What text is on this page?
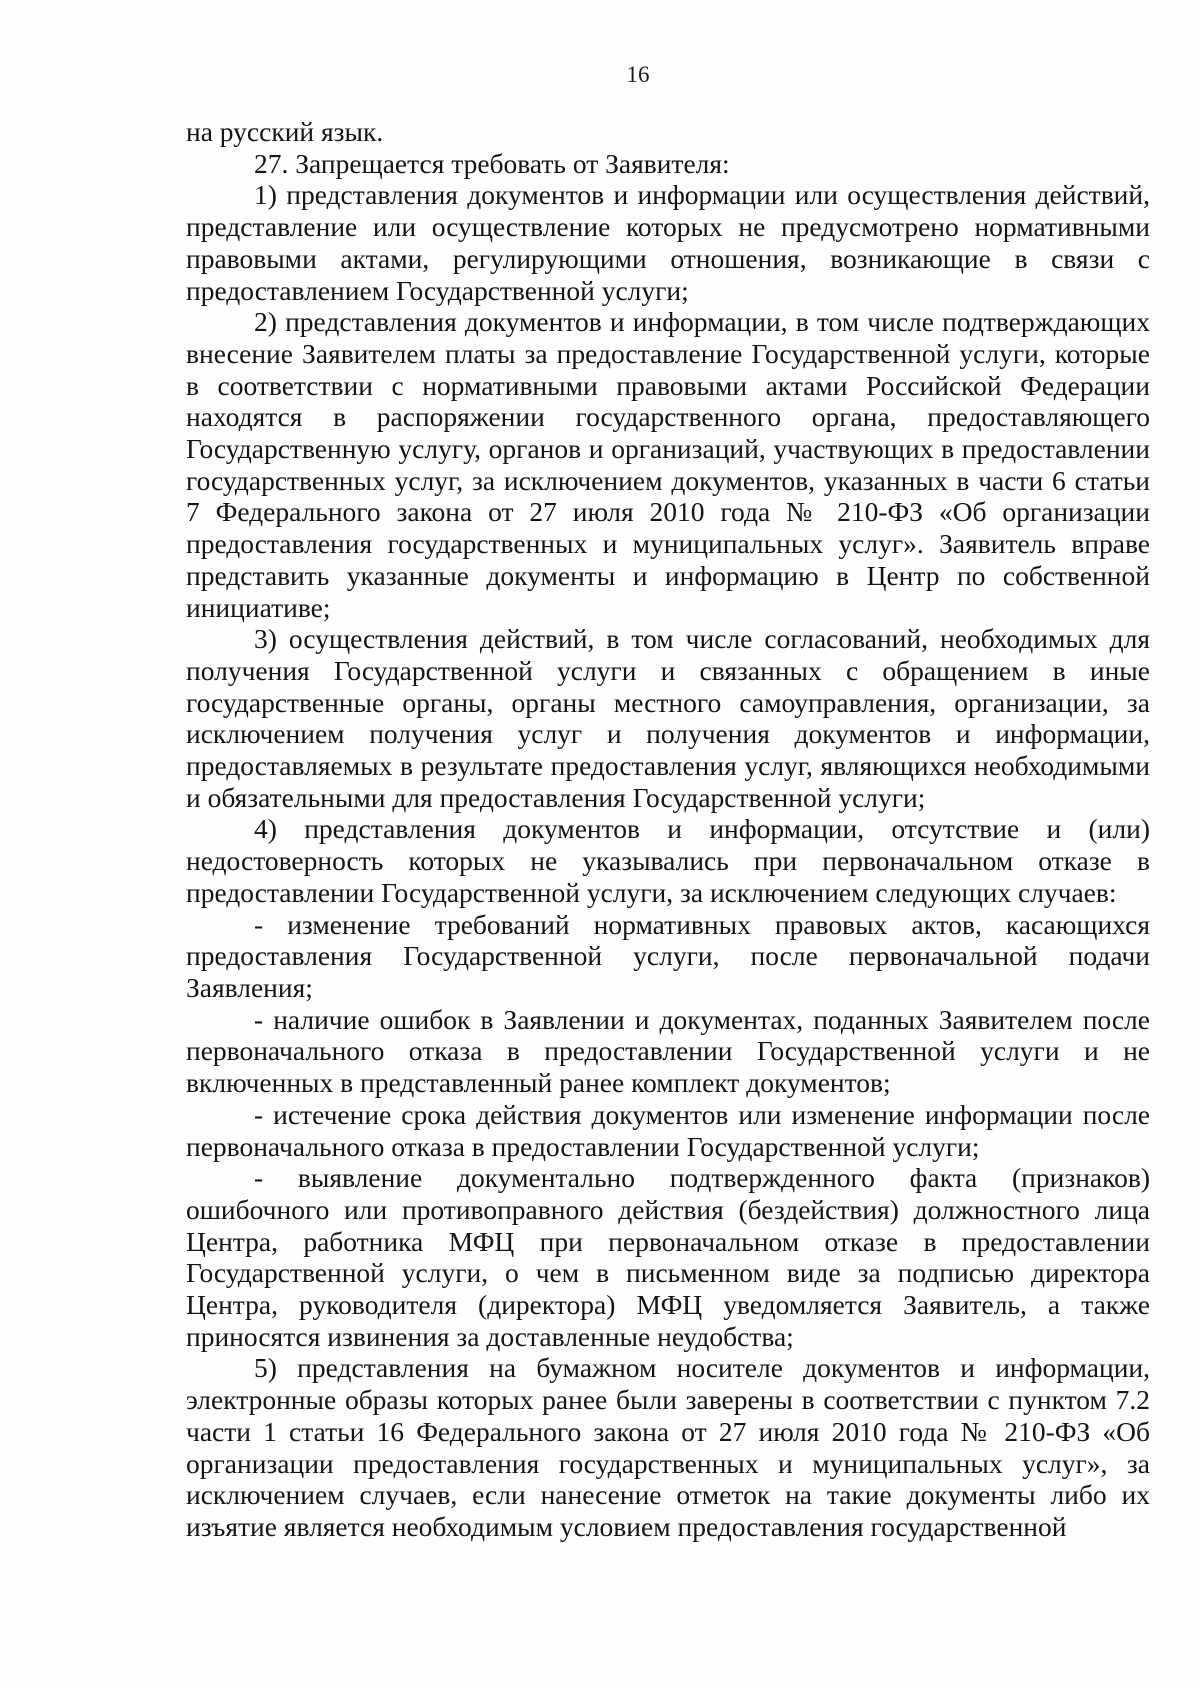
16

на русский язык.

27. Запрещается требовать от Заявителя:

1) представления документов и информации или осуществления действий, представление или осуществление которых не предусмотрено нормативными правовыми актами, регулирующими отношения, возникающие в связи с предоставлением Государственной услуги;

2) представления документов и информации, в том числе подтверждающих внесение Заявителем платы за предоставление Государственной услуги, которые в соответствии с нормативными правовыми актами Российской Федерации находятся в распоряжении государственного органа, предоставляющего Государственную услугу, органов и организаций, участвующих в предоставлении государственных услуг, за исключением документов, указанных в части 6 статьи 7 Федерального закона от 27 июля 2010 года № 210-ФЗ «Об организации предоставления государственных и муниципальных услуг». Заявитель вправе представить указанные документы и информацию в Центр по собственной инициативе;

3) осуществления действий, в том числе согласований, необходимых для получения Государственной услуги и связанных с обращением в иные государственные органы, органы местного самоуправления, организации, за исключением получения услуг и получения документов и информации, предоставляемых в результате предоставления услуг, являющихся необходимыми и обязательными для предоставления Государственной услуги;

4) представления документов и информации, отсутствие и (или) недостоверность которых не указывались при первоначальном отказе в предоставлении Государственной услуги, за исключением следующих случаев:

- изменение требований нормативных правовых актов, касающихся предоставления Государственной услуги, после первоначальной подачи Заявления;

- наличие ошибок в Заявлении и документах, поданных Заявителем после первоначального отказа в предоставлении Государственной услуги и не включенных в представленный ранее комплект документов;

- истечение срока действия документов или изменение информации после первоначального отказа в предоставлении Государственной услуги;

- выявление документально подтвержденного факта (признаков) ошибочного или противоправного действия (бездействия) должностного лица Центра, работника МФЦ при первоначальном отказе в предоставлении Государственной услуги, о чем в письменном виде за подписью директора Центра, руководителя (директора) МФЦ уведомляется Заявитель, а также приносятся извинения за доставленные неудобства;

5) представления на бумажном носителе документов и информации, электронные образы которых ранее были заверены в соответствии с пунктом 7.2 части 1 статьи 16 Федерального закона от 27 июля 2010 года № 210-ФЗ «Об организации предоставления государственных и муниципальных услуг», за исключением случаев, если нанесение отметок на такие документы либо их изъятие является необходимым условием предоставления государственной
